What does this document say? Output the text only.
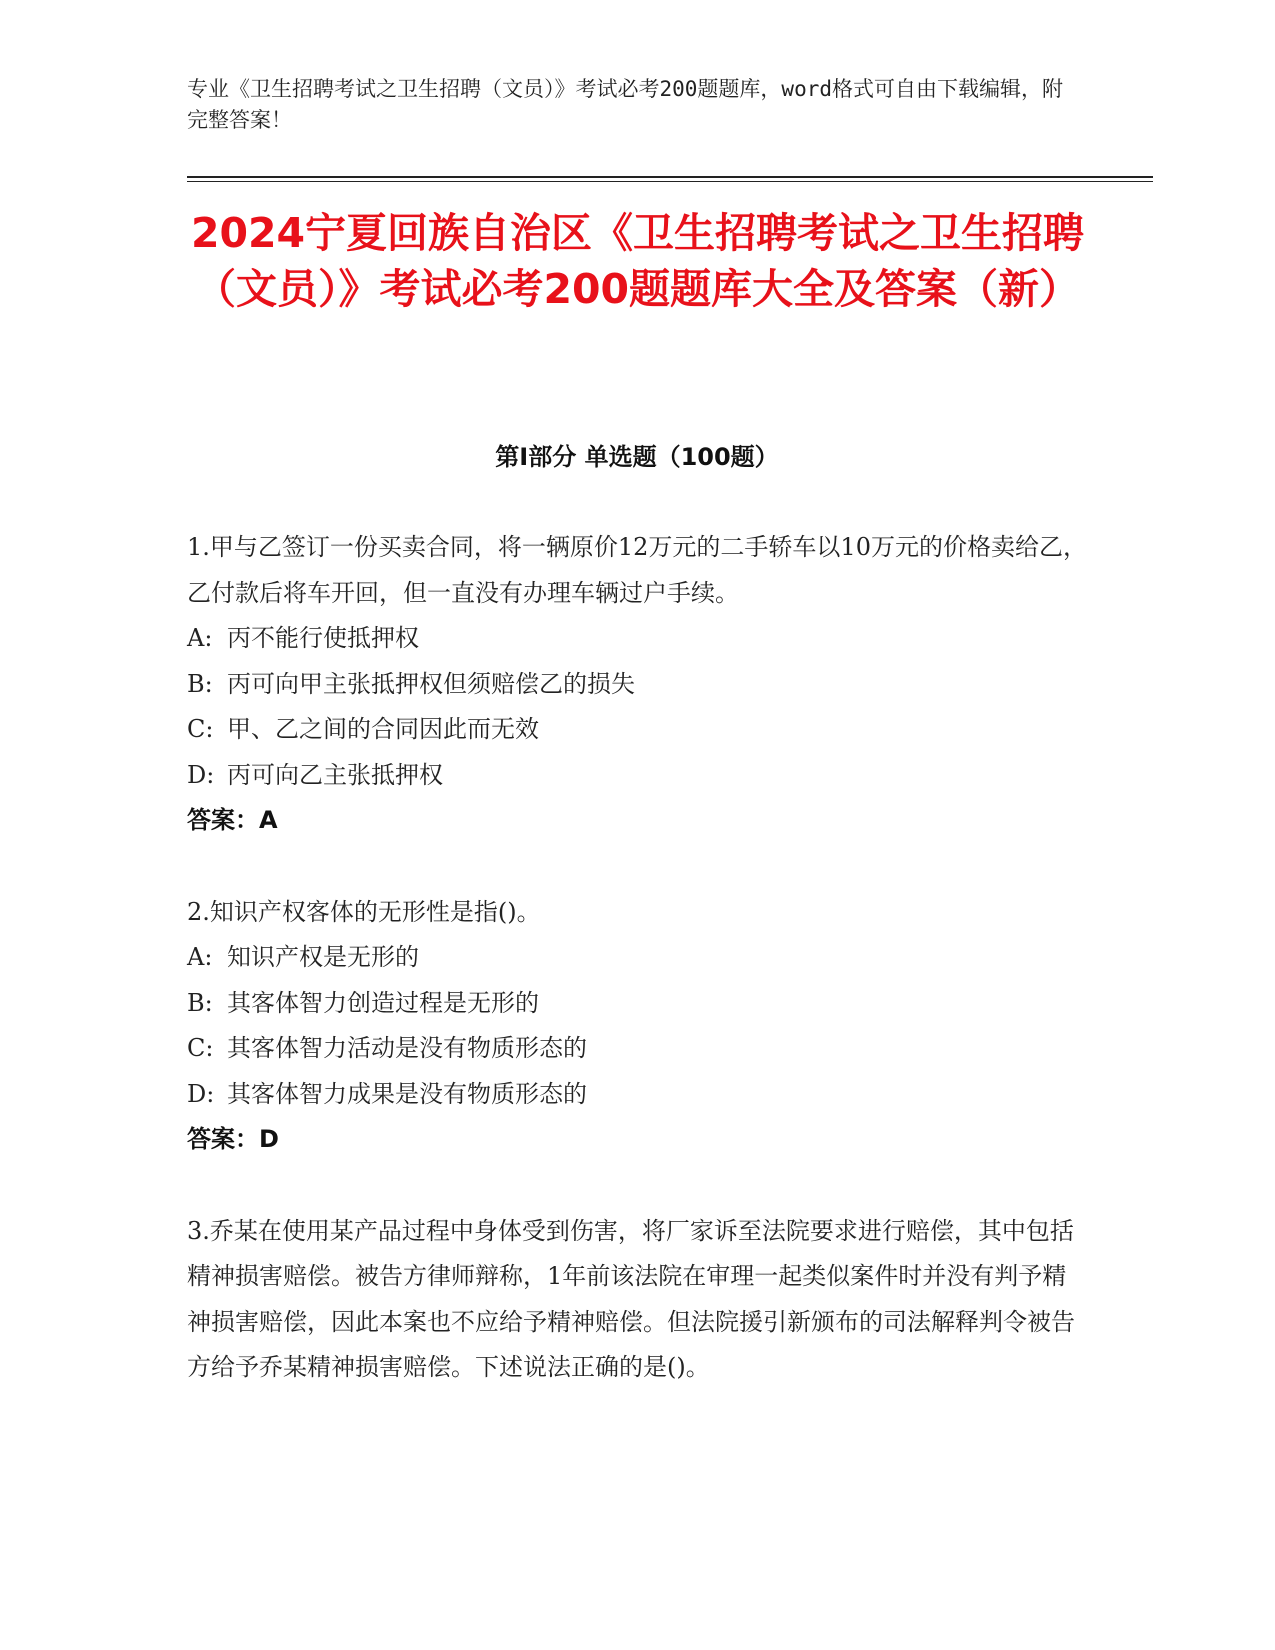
专业《卫生招聘考试之卫生招聘（文员）》考试必考200题题库，word格式可自由下载编辑，附完整答案！
2024宁夏回族自治区《卫生招聘考试之卫生招聘（文员）》考试必考200题题库大全及答案（新）
第Ⅰ部分 单选题（100题）

1.甲与乙签订一份买卖合同，将一辆原价12万元的二手轿车以10万元的价格卖给乙，乙付款后将车开回，但一直没有办理车辆过户手续。

A: 丙不能行使抵押权

B: 丙可向甲主张抵押权但须赔偿乙的损失

C: 甲、乙之间的合同因此而无效

D: 丙可向乙主张抵押权

答案：A

2.知识产权客体的无形性是指()。

A: 知识产权是无形的

B: 其客体智力创造过程是无形的

C: 其客体智力活动是没有物质形态的

D: 其客体智力成果是没有物质形态的

答案：D

3.乔某在使用某产品过程中身体受到伤害，将厂家诉至法院要求进行赔偿，其中包括精神损害赔偿。被告方律师辩称，1年前该法院在审理一起类似案件时并没有判予精神损害赔偿，因此本案也不应给予精神赔偿。但法院援引新颁布的司法解释判令被告方给予乔某精神损害赔偿。下述说法正确的是()。
